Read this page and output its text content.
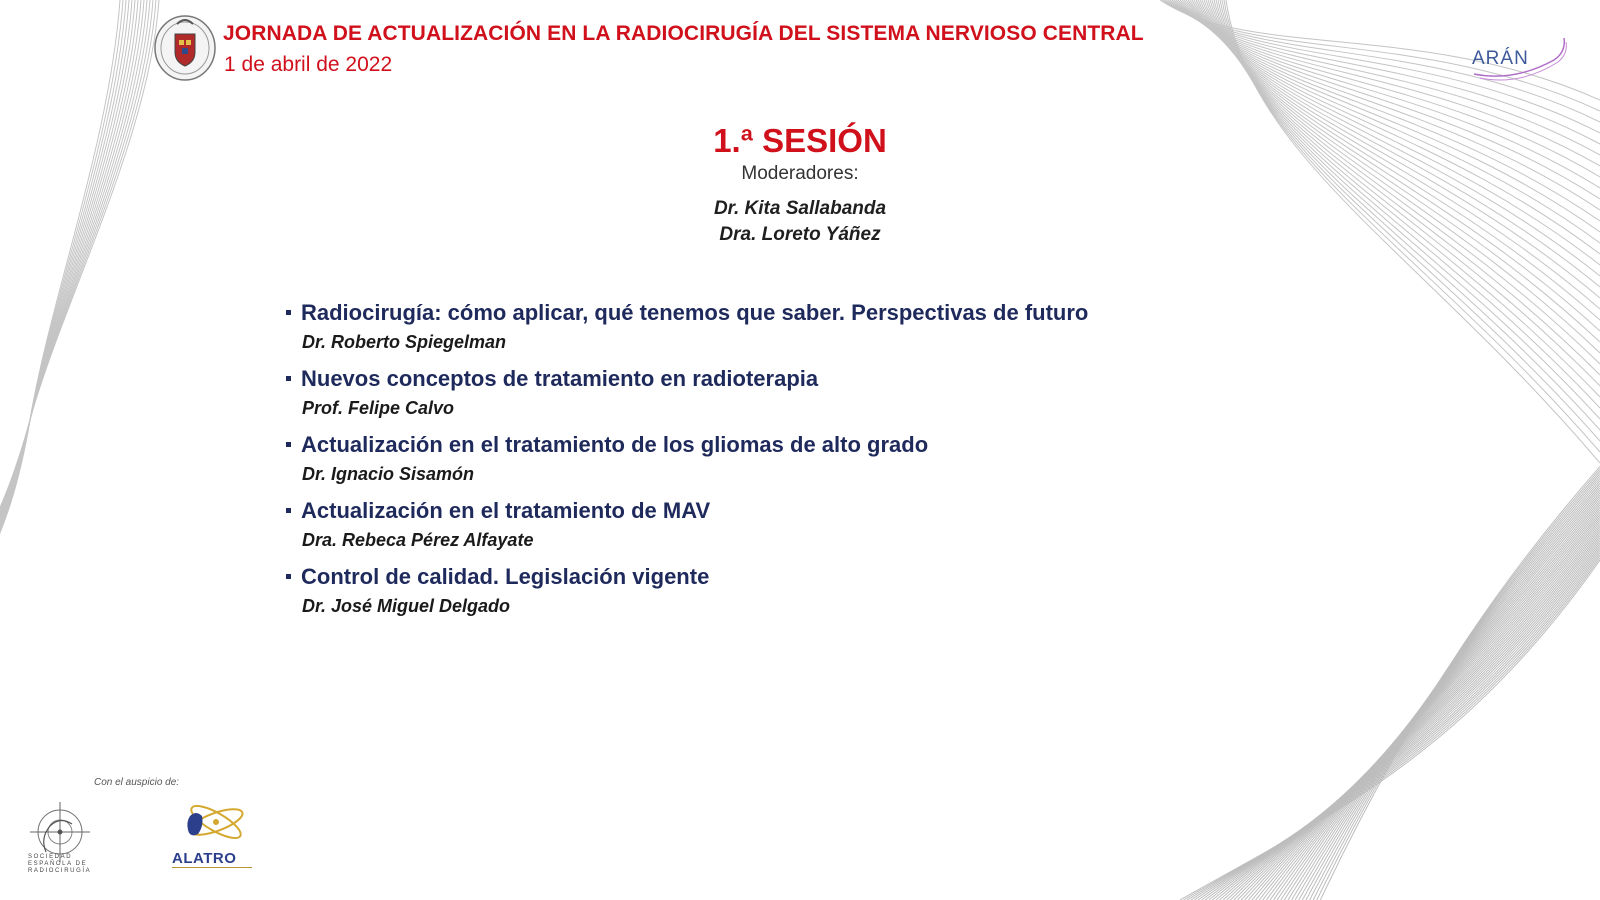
JORNADA DE ACTUALIZACIÓN EN LA RADIOCIRUGÍA DEL SISTEMA NERVIOSO CENTRAL
1 de abril de 2022	ARÁN
1.ª SESIÓN
Moderadores:
Dr. Kita Sallabanda
Dra. Loreto Yáñez
Radiocirugía: cómo aplicar, qué tenemos que saber. Perspectivas de futuro
Dr. Roberto Spiegelman
Nuevos conceptos de tratamiento en radioterapia
Prof. Felipe Calvo
Actualización en el tratamiento de los gliomas de alto grado
Dr. Ignacio Sisamón
Actualización en el tratamiento de MAV
Dra. Rebeca Pérez Alfayate
Control de calidad. Legislación vigente
Dr. José Miguel Delgado
Con el auspicio de:
SOCIEDAD ESPAÑOLA DE RADIOCIRUGÍA
ALATRO
